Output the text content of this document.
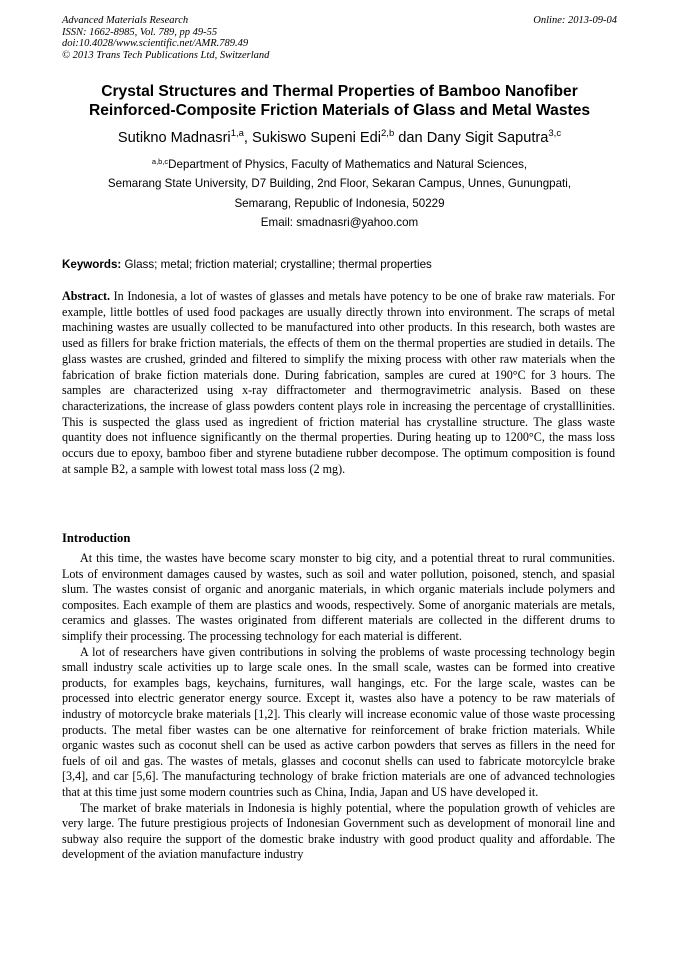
Advanced Materials Research
ISSN: 1662-8985, Vol. 789, pp 49-55
doi:10.4028/www.scientific.net/AMR.789.49
© 2013 Trans Tech Publications Ltd, Switzerland
Online: 2013-09-04
Crystal Structures and Thermal Properties of Bamboo Nanofiber
Reinforced-Composite Friction Materials of Glass and Metal Wastes
Sutikno Madnasri$^{1,a}$, Sukiswo Supeni Edi$^{2,b}$ dan Dany Sigit Saputra$^{3,c}$
$^{a,b,c}$Department of Physics, Faculty of Mathematics and Natural Sciences,
Semarang State University, D7 Building, 2nd Floor, Sekaran Campus, Unnes, Gunungpati,
Semarang, Republic of Indonesia, 50229
Email: smadnasri@yahoo.com
Keywords: Glass; metal; friction material; crystalline; thermal properties
Abstract. In Indonesia, a lot of wastes of glasses and metals have potency to be one of brake raw materials. For example, little bottles of used food packages are usually directly thrown into environment. The scraps of metal machining wastes are usually collected to be manufactured into other products. In this research, both wastes are used as fillers for brake friction materials, the effects of them on the thermal properties are studied in details. The glass wastes are crushed, grinded and filtered to simplify the mixing process with other raw materials when the fabrication of brake fiction materials done. During fabrication, samples are cured at 190°C for 3 hours. The samples are characterized using x-ray diffractometer and thermogravimetric analysis. Based on these characterizations, the increase of glass powders content plays role in increasing the percentage of crystalllinities. This is suspected the glass used as ingredient of friction material has crystalline structure. The glass waste quantity does not influence significantly on the thermal properties. During heating up to 1200°C, the mass loss occurs due to epoxy, bamboo fiber and styrene butadiene rubber decompose. The optimum composition is found at sample B2, a sample with lowest total mass loss (2 mg).
Introduction

At this time, the wastes have become scary monster to big city, and a potential threat to rural communities. Lots of environment damages caused by wastes, such as soil and water pollution, poisoned, stench, and spasial slum. The wastes consist of organic and anorganic materials, in which organic materials include polymers and composites. Each example of them are plastics and woods, respectively. Some of anorganic materials are metals, ceramics and glasses. The wastes originated from different materials are collected in the different drums to simplify their processing. The processing technology for each material is different.

A lot of researchers have given contributions in solving the problems of waste processing technology begin small industry scale activities up to large scale ones. In the small scale, wastes can be formed into creative products, for examples bags, keychains, furnitures, wall hangings, etc. For the large scale, wastes can be processed into electric generator energy source. Except it, wastes also have a potency to be raw materials of industry of motorcycle brake materials [1,2]. This clearly will increase economic value of those waste processing products. The metal fiber wastes can be one alternative for reinforcement of brake friction materials. While organic wastes such as coconut shell can be used as active carbon powders that serves as fillers in the need for fuels of oil and gas. The wastes of metals, glasses and coconut shells can used to fabricate motorcylcle brake [3,4], and car [5,6]. The manufacturing technology of brake friction materials are one of advanced technologies that at this time just some modern countries such as China, India, Japan and US have developed it.

The market of brake materials in Indonesia is highly potential, where the population growth of vehicles are very large. The future prestigious projects of Indonesian Government such as development of monorail line and subway also require the support of the domestic brake industry with good product quality and affordable. The development of the aviation manufacture industry
